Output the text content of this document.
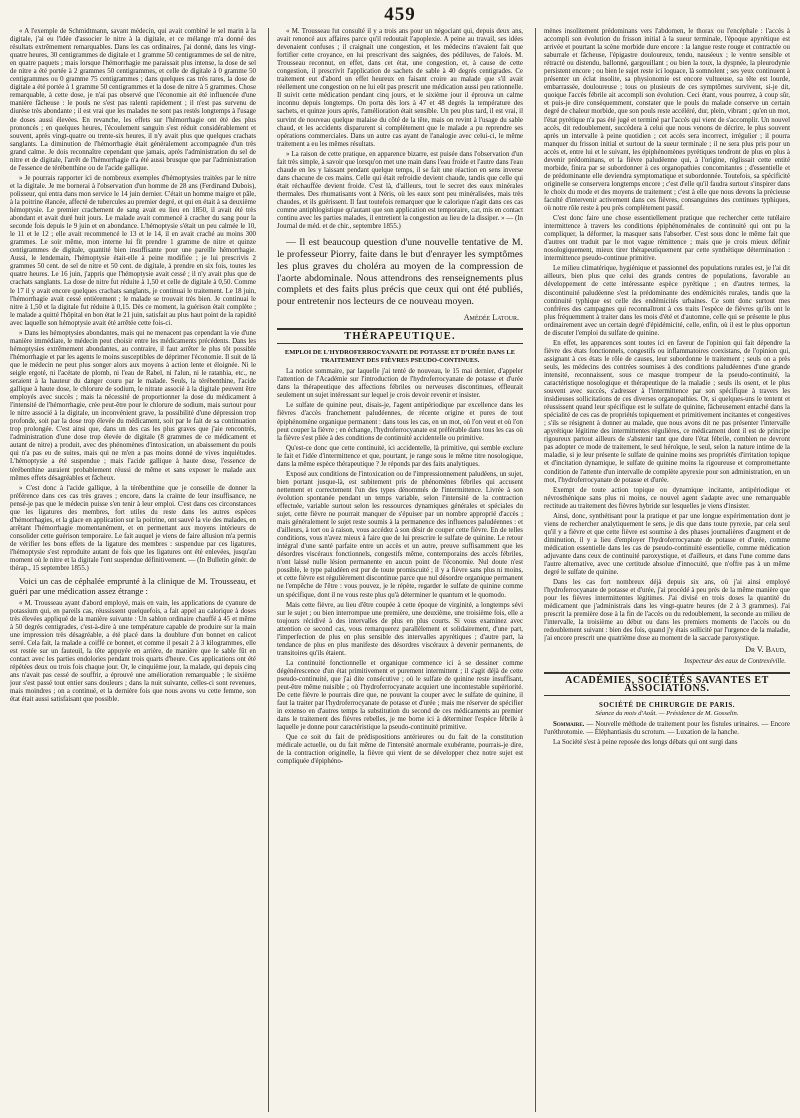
459

« A l'exemple de Schmidtmann, savant médecin, qui avait combiné le sel marin à la digitale, j'ai eu l'idée d'associer le nitre à la digitale, et ce mélange m'a donné des résultats extrêmement remarquables. Dans les cas ordinaires, j'ai donné, dans les vingt-quatre heures, 30 centigrammes de digitale et 1 gramme 50 centigrammes de sel de nitre, en quatre paquets ; mais lorsque l'hémorrhagie me paraissait plus intense, la dose de sel de nitre a été portée à 2 grammes 50 centigrammes, et celle de digitale à 0 gramme 50 centigrammes ou 0 gramme 75 centigrammes ; dans quelques cas très rares, la dose de digitale a été portée à 1 gramme 50 centigrammes et la dose de nitre à 5 grammes. Chose remarquable, à cette dose, je n'ai pas observé que l'économie ait été influencée d'une manière fâcheuse : le pouls ne s'est pas ralenti rapidement ; il n'est pas survenu de diurèse très abondante ; il est vrai que les malades ne sont pas restés longtemps à l'usage de doses aussi élevées. En revanche, les effets sur l'hémorrhagie ont été des plus prononcés ; en quelques heures, l'écoulement sanguin s'est réduit considérablement et souvent, après vingt-quatre ou trente-six heures, il n'y avait plus que quelques crachats sanglants. La diminution de l'hémorrhagie était généralement accompagnée d'un très grand calme. Je dois reconnaître cependant que jamais, après l'administration du sel de nitre et de digitale, l'arrêt de l'hémorrhagie n'a été aussi brusque que par l'administration de l'essence de térébenthine ou de l'acide gallique.

» Je pourrais rapporter ici de nombreux exemples d'hémoptysies traitées par le nitre et la digitale. Je me bornerai à l'observation d'un homme de 28 ans (Ferdinand Dubois), polisseur, qui entra dans mon service le 14 juin dernier. C'était un homme maigre et pâle, à la poitrine élancée, affecté de tubercules au premier degré, et qui en était à sa deuxième hémoptysie. Le premier crachement de sang avait eu lieu en 1850, il avait été très abondant et avait duré huit jours. Le malade avait commencé à cracher du sang pour la seconde fois depuis le 9 juin et en abondance. L'hémoptysie s'était un peu calmée le 10, le 11 et le 12 ; elle avait recommencé le 13 et le 14, il en avait craché au moins 300 grammes. Le soir même, mon interne lui fit prendre 1 gramme de nitre et quinze centigrammes de digitale, quantité bien insuffisante pour une pareille hémorrhagie. Aussi, le lendemain, l'hémoptysie était-elle à peine modifiée ; je lui prescrivis 2 grammes 50 cent. de sel de nitre et 50 cent. de digitale, à prendre en six fois, toutes les quatre heures. Le 16 juin, j'appris que l'hémoptysie avait cessé ; il n'y avait plus que de crachats sanglants. La dose de nitre fut réduite à 1,50 et celle de digitale à 0,50. Comme le 17 il y avait encore quelques crachats sanglants, je continuai le traitement. Le 18 juin, l'hémorrhagie avait cessé entièrement ; le malade se trouvait très bien. Je continuai le nitre à 1,50 et la digitale fut réduite à 0,15. Dès ce moment, la guérison était complète ; le malade a quitté l'hôpital en bon état le 21 juin, satisfait au plus haut point de la rapidité avec laquelle son hémoptysie avait été arrêtée cette fois-ci.

» Dans les hémoptysies abondantes, mais qui ne menacent pas cependant la vie d'une manière immédiate, le médecin peut choisir entre les médicaments précédents. Dans les hémoptysies extrêmement abondantes, au contraire, il faut arrêter le plus tôt possible l'hémorrhagie et par les agents le moins susceptibles de déprimer l'économie. Il suit de là que le médecin ne peut plus songer alors aux moyens à action lente et éloignée. Ni le seigle ergoté, ni l'acétate de plomb, ni l'eau de Rabel, ni l'alun, ni le ratanhia, etc., ne seraient à la hauteur du danger couru par le malade. Seuls, la térébenthine, l'acide gallique à haute dose, le chlorure de sodium, le nitrate associé à la digitale peuvent être employés avec succès ; mais la nécessité de proportionner la dose du médicament à l'intensité de l'hémorrhagie, crée peut-être pour le chlorure de sodium, mais surtout pour le nitre associé à la digitale, un inconvénient grave, la possibilité d'une dépression trop profonde, soit par la dose trop élevée du médicament, soit par le fait de sa continuation trop prolongée. C'est ainsi que, dans un des cas les plus graves que j'aie rencontrés, l'administration d'une dose trop élevée de digitale (8 grammes de ce médicament et autant de nitre) a produit, avec des phénomènes d'intoxication, un abaissement du pouls qui n'a pas eu de suites, mais qui ne m'en a pas moins donné de vives inquiétudes. L'hémoptysie a été suspendue ; mais l'acide gallique à haute dose, l'essence de térébenthine auraient probablement réussi de même et sans exposer le malade aux mêmes effets désagréables et fâcheux.

» C'est donc à l'acide gallique, à la térébenthine que je conseille de donner la préférence dans ces cas très graves ; encore, dans la crainte de leur insuffisance, ne pensé-je pas que le médecin puisse s'en tenir à leur emploi. C'est dans ces circonstances que les ligatures des membres, fort utiles du reste dans les autres espèces d'hémorrhagies, et la glace en application sur la poitrine, ont sauvé la vie des malades, en arrêtant l'hémorrhagie momentanément, et en permettant aux moyens intérieurs de consolider cette guérison temporaire. Le fait auquel je viens de faire allusion m'a permis de vérifier les bons effets de la ligature des membres : suspendue par ces ligatures, l'hémoptysie s'est reproduite autant de fois que les ligatures ont été enlevées, jusqu'au moment où le nitre et la digitale l'ont suspendue définitivement. — (In Bulletin génér. de thérap., 15 septembre 1855.)

Voici un cas de céphalée emprunté à la clinique de M. Trousseau, et guéri par une médication assez étrange :

« M. Trousseau ayant d'abord employé, mais en vain, les applications de cyanure de potassium qui, en pareils cas, réussissent quelquefois, a fait appel au calorique à doses très élevées appliqué de la manière suivante : Un sablon ordinaire chauffé à 45 et même à 50 degrés centigrades, c'est-à-dire à une température capable de produire sur la main une impression très désagréable, a été placé dans la doublure d'un bonnet en calicot serré. Cela fait, la malade a coiffé ce bonnet, et comme il pesait 2 à 3 kilogrammes, elle est restée sur un fauteuil, la tête appuyée en arrière, de manière que le sable fût en contact avec les parties endolories pendant trois quarts d'heure. Ces applications ont été répétées deux ou trois fois chaque jour. Or, le cinquième jour, la malade, qui depuis cinq ans n'avait pas cessé de souffrir, a éprouvé une amélioration remarquable ; le sixième jour s'est passé tout entier sans douleurs ; dans la nuit suivante, celles-ci sont revenues, mais moindres ; on a continué, et la dernière fois que nous avons vu cette femme, son état était aussi satisfaisant que possible.

« M. Trousseau fut consulté il y a trois ans pour un négociant qui, depuis deux ans, avait renoncé aux affaires parce qu'il redoutait l'apoplexie. A peine au travail, ses idées devenaient confuses ; il craignait une congestion, et les médecins n'avaient fait que fortifier cette croyance, en lui prescrivant des saignées, des pédiluves, de l'aloès. M. Trousseau reconnut, en effet, dans cet état, une congestion, et, à cause de cette congestion, il prescrivit l'application de sachets de sable à 40 degrés centigrades. Ce traitement eut d'abord un effet heureux en faisant croire au malade que s'il avait réellement une congestion on ne lui eût pas prescrit une médication aussi peu rationnelle. Il suivit cette médication pendant cinq jours, et le sixième jour il éprouva un calme inconnu depuis longtemps. On porta dès lors à 47 et 48 degrés la température des sachets, et quinze jours après, l'amélioration était sensible. Un peu plus tard, il est vrai, il survint de nouveau quelque malaise du côté de la tête, mais on revint à l'usage du sable chaud, et les accidents disparurent si complètement que le malade a pu reprendre ses opérations commerciales. Dans un autre cas ayant de l'analogie avec celui-ci, le même traitement a eu les mêmes résultats.

» La raison de cette pratique, en apparence bizarre, est puisée dans l'observation d'un fait très simple, à savoir que lorsqu'on met une main dans l'eau froide et l'autre dans l'eau chaude en les y laissant pendant quelque temps, il se fait une réaction en sens inverse dans chacune de ces mains. Celle qui était refroidie devient chaude, tandis que celle qui était réchauffée devient froide. C'est là, d'ailleurs, tout le secret des eaux minérales thermales. Des rhumatisants vont à Néris, où les eaux sont peu minéralisées, mais très chaudes, et ils guérissent. Il faut toutefois remarquer que le calorique n'agit dans ces cas comme antiphlogistique qu'autant que son application est temporaire, car, mis en contact continu avec les parties malades, il entretient la congestion au lieu de la dissiper. » — (In Journal de méd. et de chir., septembre 1855.)

— Il est beaucoup question d'une nouvelle tentative de M. le professeur Piorry, faite dans le but d'enrayer les symptômes les plus graves du choléra au moyen de la compression de l'aorte abdominale. Nous attendrons des renseignements plus complets et des faits plus précis que ceux qui ont été publiés, pour entretenir nos lecteurs de ce nouveau moyen.

Amédée Latour.

THÉRAPEUTIQUE.
EMPLOI DE L'HYDROFERROCYANATE DE POTASSE ET D'URÉE DANS LE TRAITEMENT DES FIÈVRES PSEUDO-CONTINUES.

La notice sommaire, par laquelle j'ai tenté de nouveau, le 15 mai dernier, d'appeler l'attention de l'Académie sur l'introduction de l'hydroferrocyanate de potasse et d'urée dans la thérapeutique des affections fébriles ou nerveuses discontinues, effleurait seulement un sujet intéressant sur lequel je crois devoir revenir et insister.

Le sulfate de quinine peut, disais-je, l'agent antipériodique par excellence dans les fièvres d'accès franchement paludéennes, de récente origine et pures de tout épiphénomène organique permanent : dans tous les cas, en un mot, où l'on veut et où l'on peut couper la fièvre ; en échange, l'hydroferrocyanate est préférable dans tous les cas où la fièvre s'est pliée à des conditions de continuité accidentelle ou primitive.

Qu'est-ce donc que cette continuité, ici accidentelle, là primitive, qui semble exclure le fait et l'idée d'intermittence et que, pourtant, je range sous le même titre nosologique, dans la même espèce thérapeutique ? Je réponds par des faits analytiques.

Exposé aux conditions de l'intoxication ou de l'impressionnement paludéens, un sujet, bien portant jusque-là, est subitement pris de phénomènes fébriles qui accusent nettement et correctement l'un des types dénommés de l'intermittence. Livrée à son évolution spontanée pendant un temps variable, selon l'intensité de la contraction effectuée, variable surtout selon les ressources dynamiques générales et spéciales du sujet, cette fièvre ne pourrait manquer de s'épuiser par un nombre approprié d'accès ; mais généralement le sujet reste soumis à la permanence des influences paludéennes : et d'ailleurs, à tort ou à raison, vous accédez à son désir de couper cette fièvre. En de telles conditions, vous n'avez mieux à faire que de lui prescrire le sulfate de quinine. Le retour intégral d'une santé parfaite entre un accès et un autre, preuve suffisamment que les désordres viscéraux fonctionnels, congestifs même, contemporains des accès fébriles, n'ont laissé nulle lésion permanente en aucun point de l'économie. Nul doute n'est possible, le type paludéen est pur de toute promiscuité ; il y a fièvre sans plus ni moins, et cette fièvre est régulièrement discontinue parce que nul désordre organique permanent ne l'empêche de l'être : vous pouvez, je le répète, regarder le sulfate de quinine comme un spécifique, dont il ne vous reste plus qu'à déterminer le quantum et le quomodo.

Mais cette fièvre, au lieu d'être coupée à cette époque de virginité, a longtemps sévi sur le sujet ; ou bien interrompue une première, une deuxième, une troisième fois, elle a toujours récidivé à des intervalles de plus en plus courts. Si vous examinez avec attention ce second cas, vous remarquerez parallèlement et solidairement, d'une part, l'imperfection de plus en plus sensible des intervalles apyrétiques ; d'autre part, la tendance de plus en plus manifeste des désordres viscéraux à devenir permanents, de transitoires qu'ils étaient.

La continuité fonctionnelle et organique commence ici à se dessiner comme dégénérescence d'un état primitivement et purement intermittent ; il s'agit déjà de cette pseudo-continuité, que j'ai dite consécutive ; où le sulfate de quinine reste insuffisant, peut-être même nuisible ; où l'hydroferrocyanate acquiert une incontestable supériorité. De cette fièvre le pourrais dire que, ne pouvant la couper avec le sulfate de quinine, il faut la traiter par l'hydroferrocyanate de potasse et d'urée ; mais me réserver de spécifier in extenso en d'autres temps la substitution du second de ces médicaments au premier dans le traitement des fièvres rebelles, je me borne ici à déterminer l'espèce fébrile à laquelle je donne pour caractéristique la pseudo-continuité primitive.

Que ce soit du fait de prédispositions antérieures ou du fait de la constitution médicale actuelle, ou du fait même de l'intensité anormale exubérante, pourrais-je dire, de la contraction originelle, la fièvre qui vient de se développer chez notre sujet est compliquée d'épiphéno-

mènes insolitement prédominans vers l'abdomen, le thorax ou l'encéphale : l'accès à accompli son évolution du frisson initial à la sueur terminale, l'époque apyrétique est arrivée et pourtant la scène morbide dure encore : la langue reste rouge et contractée ou saburrale et fâcheuse, l'épigastre douloureux, tendu, nauséeux ; le ventre sensible et rétracté ou distendu, ballonné, gargouillant ; ou bien la toux, la dyspnée, la pleurodynie persistent encore ; ou bien le sujet reste ici loquace, là somnolent ; ses yeux continuent à présenter un éclat insolite, sa physionomie est encore vultueuse, sa tête est lourde, embarrassée, douloureuse ; tous ou plusieurs de ces symptômes survivent, si-je dit, quoique l'accès fébrile ait accompli son évolution. Ceci étant, vous pourrez, à coup sûr, et puis-je dire conséquemment, constater que le pouls du malade conserve un certain degré de chaleur morbide, que son pouls reste accéléré, dur, plein, vibrant ; qu'en un mot, l'état pyrétique n'a pas été jugé et terminé par l'accès qui vient de s'accomplir. Un nouvel accès, dit redoublement, succèdera à celui que nous venons de décrire, le plus souvent après un intervalle à peine quotidien ; cet accès sera incorrect, irrégulier ; il pourra manquer du frisson initial et surtout de la sueur terminale ; il ne sera plus pris pour un accès et, entre lui et le suivant, les épiphénomènes pyrétiques tendront de plus en plus à devenir prédominans, et la fièvre paludéenne qui, à l'origine, réglissait cette entité morbide, finira par se subordonner à ces organopathies concomitantes ; d'essentielle et de prédominante elle deviendra symptomatique et subordonnée. Toutefois, sa spécificité originelle se conservera longtemps encore ; c'est d'elle qu'il faudra surtout s'inspirer dans le choix du mode et des moyens de traitement ; c'est à elle que nous devons la précieuse faculté d'intervenir activement dans ces fièvres, consanguines des continues typhiques, où notre rôle reste à peu près complètement passif.

C'est donc faire une chose essentiellement pratique que rechercher cette tutélaire intermittence à travers les conditions épiphénoménales de continuité qui ont pu la compliquer, la déformer, la masquer sans l'absorber. C'est sous donc le même fait que d'autres ont traduit par le mot vague rémittence ; mais que je crois mieux définir nosologiquement, mieux tirer thérapeutiquement par cette synthétique détermination : intermittence pseudo-continue primitive.

Le milieu climatérique, hygiénique et passionnel des populations rurales est, je l'ai dit ailleurs, bien plus que celui des grands centres de populations, favorable au développement de cette intéressante espèce pyrétique ; en d'autres termes, la discontinuité paludéenne s'est la prédominante des endémicités rurales, tandis que la continuité typhique est celle des endémicités urbaines. Ce sont donc surtout mes confrères des campagnes qui reconnaîtront à ces traits l'espèce de fièvres qu'ils ont le plus fréquemment à traiter dans les mois d'été et d'automne, celle qui se présente le plus ordinairement avec un certain degré d'épidémicité, celle, enfin, où il est le plus opportun de discuter l'emploi du sulfate de quinine.

En effet, les apparences sont toutes ici en faveur de l'opinion qui fait dépendre la fièvre des états fonctionnels, congestifs ou inflammatoires coexistans, de l'opinion qui, assignant à ces états le rôle de causes, leur subordonne le traitement ; seuls on a près seuls, les médecins des contrées soumises à des conditions paludéennes d'une grande intensité, reconnaissent, sous ce masque trompeur de la pseudo-continuité, la caractéristique nosologique et thérapeutique de la maladie ; seuls ils osent, et le plus souvent avec succès, s'adresser à l'intermittence par son spécifique à travers les insidieuses sollicitations de ces diverses organopathies. Or, si quelques-uns le tentent et réussissent quand leur spécifique est le sulfate de quinine, fâcheusement entaché dans la spécialité de ces cas de propriétés topiquement et primitivement incitantes et congestives ; s'ils se résignent à donner au malade, que nous avons dit ne pas présenter l'intervalle apyrétique légitime des intermittentes régulières, ce médicament dont il est de principe rigoureux partout ailleurs de s'abstenir tant que dure l'état fébrile, combien ne devront pas adopter ce mode de traitement, le seul héroïque, le seul, selon la nature intime de la maladie, si je leur présente le sulfate de quinine moins ses propriétés d'irritation topique et d'incitation dynamique, le sulfate de quinine moins la rigoureuse et compromettante condition de l'attente d'un intervalle de complète apyrexie pour son administration, en un mot, l'hydroferrocyanate de potasse et d'urée.

Exempt de toute action topique ou dynamique incitante, antipériodique et névrosthénique sans plus ni moins, ce nouvel agent s'adapte avec une remarquable rectitude au traitement des fièvres hybride sur lesquelles je viens d'insister.

Ainsi, donc, synthétisant pour la pratique et par une longue expérimentation dont je viens de rechercher analytiquement le sens, je dis que dans toute pyrexie, par cela seul qu'il y a fièvre et que cette fièvre est soumise à des phases journalières d'augment et de diminution, il y a lieu d'employer l'hydroferrocyanate de potasse et d'urée, comme médication essentielle dans les cas de pseudo-continuité essentielle, comme médication adjuvante dans ceux de continuité paroxystique, et d'ailleurs, et dans l'une comme dans l'autre alternative, avec une certitude absolue d'innocuité, que n'offre pas à un même degré le sulfate de quinine.

Dans les cas fort nombreux déjà depuis six ans, où j'ai ainsi employé l'hydroferrocyanate de potasse et d'urée, j'ai procédé à peu près de la même manière que pour les fièvres intermittentes légitimes. J'ai divisé en trois doses la quantité du médicament que j'administrais dans les vingt-quatre heures (de 2 à 3 grammes). J'ai prescrit la première dose à la fin de l'accès ou du redoublement, la seconde au milieu de l'intervalle, la troisième au début ou dans les premiers moments de l'accès ou du redoublement suivant : bien des fois, quand j'y étais sollicité par l'urgence de la maladie, j'ai encore prescrit une quatrième dose au moment de la saccade paroxystique.

Dr V. Baud,

Inspecteur des eaux de Contrexéville.

ACADÉMIES, SOCIÉTÉS SAVANTES ET ASSOCIATIONS.
SOCIÉTÉ DE CHIRURGIE DE PARIS.
Séance du mois d'Août. — Présidence de M. Gosselin.

Sommaire. — Nouvelle méthode de traitement pour les fistules urinaires. — Encore l'uréthrotomie. — Éléphantiasis du scrotum. — Luxation de la hanche.

La Société s'est à peine reposée des longs débats qui ont surgi dans
